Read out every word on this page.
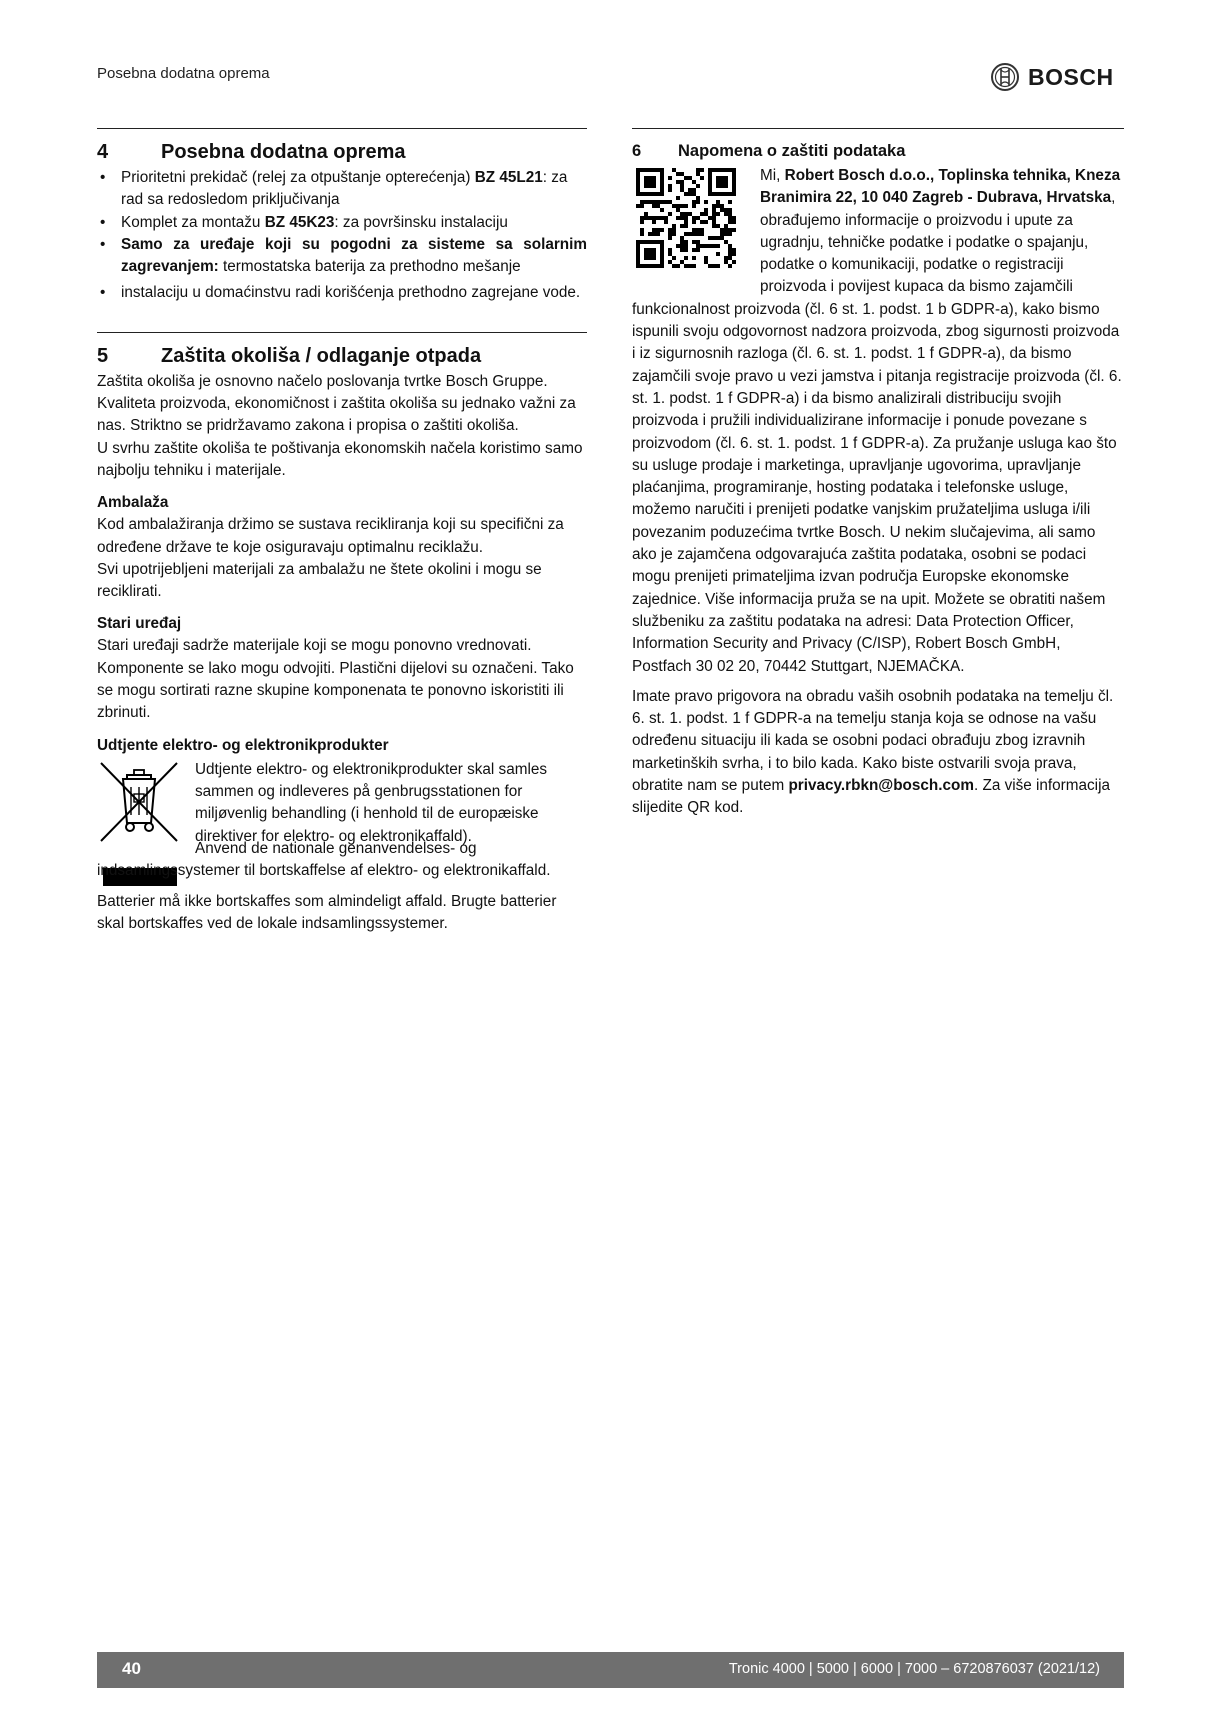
Posebna dodatna oprema	BOSCH
4	Posebna dodatna oprema
• Prioritetni prekidač (relej za otpuštanje opterećenja) BZ 45L21: za rad sa redosledom priključivanja
• Komplet za montažu BZ 45K23: za površinsku instalaciju
• Samo za uređaje koji su pogodni za sisteme sa solarnim zagrevanjem: termostatska baterija za prethodno mešanje
• instalaciju u domaćinstvu radi korišćenja prethodno zagrejane vode.
5	Zaštita okoliša / odlaganje otpada

Zaštita okoliša je osnovno načelo poslovanja tvrtke Bosch Gruppe. Kvaliteta proizvoda, ekonomičnost i zaštita okoliša su jednako važni za nas. Striktno se pridržavamo zakona i propisa o zaštiti okoliša.

U svrhu zaštite okoliša te poštivanja ekonomskih načela koristimo samo najbolju tehniku i materijale.

Ambalaža

Kod ambalažiranja držimo se sustava recikliranja koji su specifični za određene države te koje osiguravaju optimalnu reciklažu.

Svi upotrijebljeni materijali za ambalažu ne štete okolini i mogu se reciklirati.

Stari uređaj

Stari uređaji sadrže materijale koji se mogu ponovno vrednovati. Komponente se lako mogu odvojiti. Plastični dijelovi su označeni. Tako se mogu sortirati razne skupine komponenata te ponovno iskoristiti ili zbrinuti.

Udtjente elektro- og elektronikprodukter

Udtjente elektro- og elektronikprodukter skal samles sammen og indleveres på genbrugsstationen for miljøvenlig behandling (i henhold til de europæiske direktiver for elektro- og elektronikaffald).

Anvend de nationale genanvendelses- og indsamlingssystemer til bortskaffelse af elektro- og elektronikaffald.

Batterier må ikke bortskaffes som almindeligt affald. Brugte batterier skal bortskaffes ved de lokale indsamlingssystemer.

6	Napomena o zaštiti podataka

Mi, Robert Bosch d.o.o., Toplinska tehnika, Kneza Branimira 22, 10 040 Zagreb - Dubrava, Hrvatska, obrađujemo informacije o proizvodu i upute za ugradnju, tehničke podatke i podatke o spajanju, podatke o komunikaciji, podatke o registraciji proizvoda i povijest kupaca da bismo zajamčili

funkcionalnost proizvoda (čl. 6 st. 1. podst. 1 b GDPR-a), kako bismo ispunili svoju odgovornost nadzora proizvoda, zbog sigurnosti proizvoda i iz sigurnosnih razloga (čl. 6. st. 1. podst. 1 f GDPR-a), da bismo zajamčili svoje pravo u vezi jamstva i pitanja registracije proizvoda (čl. 6. st. 1. podst. 1 f GDPR-a) i da bismo analizirali distribuciju svojih proizvoda i pružili individualizirane informacije i ponude povezane s proizvodom (čl. 6. st. 1. podst. 1 f GDPR-a). Za pružanje usluga kao što su usluge prodaje i marketinga, upravljanje ugovorima, upravljanje plaćanjima, programiranje, hosting podataka i telefonske usluge, možemo naručiti i prenijeti podatke vanjskim pružateljima usluga i/ili povezanim poduzećima tvrtke Bosch. U nekim slučajevima, ali samo ako je zajamčena odgovarajuća zaštita podataka, osobni se podaci mogu prenijeti primateljima izvan područja Europske ekonomske zajednice. Više informacija pruža se na upit. Možete se obratiti našem službeniku za zaštitu podataka na adresi: Data Protection Officer, Information Security and Privacy (C/ISP), Robert Bosch GmbH, Postfach 30 02 20, 70442 Stuttgart, NJEMAČKA.

Imate pravo prigovora na obradu vaših osobnih podataka na temelju čl. 6. st. 1. podst. 1 f GDPR-a na temelju stanja koja se odnose na vašu određenu situaciju ili kada se osobni podaci obrađuju zbog izravnih marketinških svrha, i to bilo kada. Kako biste ostvarili svoja prava, obratite nam se putem privacy.rbkn@bosch.com. Za više informacija slijedite QR kod.

40	Tronic 4000 | 5000 | 6000 | 7000 – 6720876037 (2021/12)
